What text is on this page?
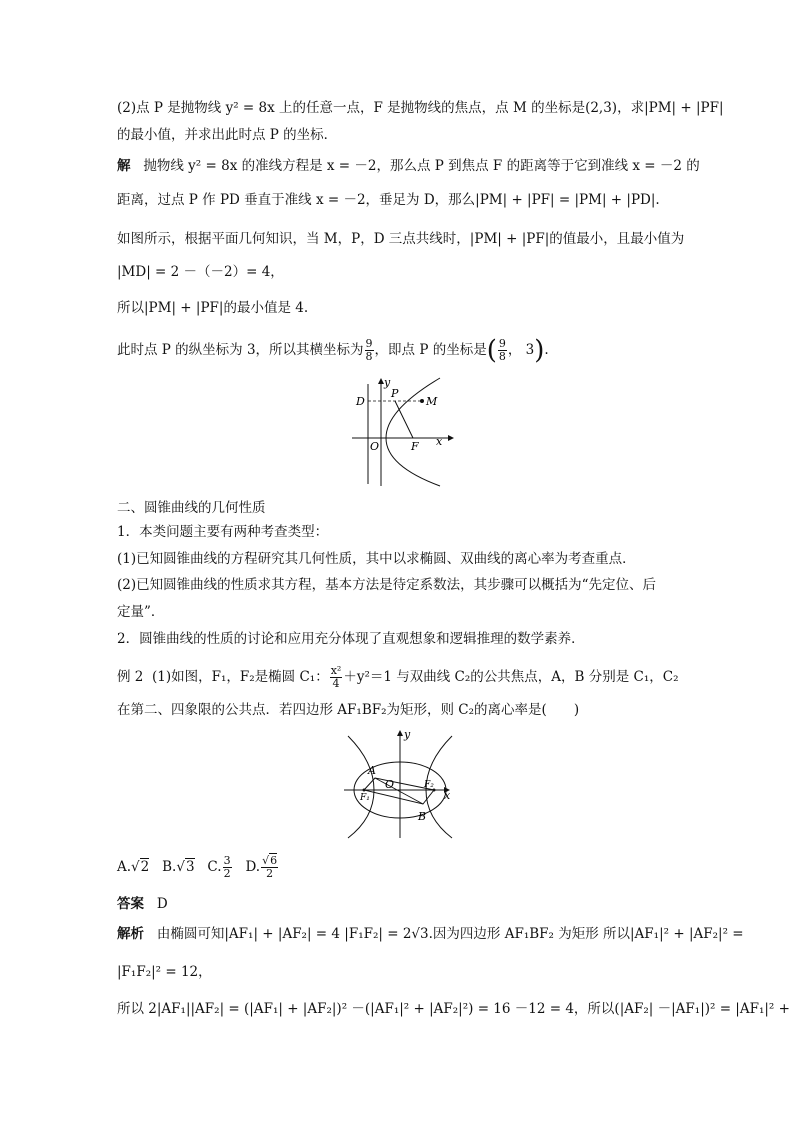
(2)点 P 是抛物线 y² = 8x 上的任意一点，F 是抛物线的焦点，点 M 的坐标是(2,3)，求|PM| + |PF|
的最小值，并求出此时点 P 的坐标．
解 抛物线 y² = 8x 的准线方程是 x = －2，那么点 P 到焦点 F 的距离等于它到准线 x = －2 的
距离，过点 P 作 PD 垂直于准线 x = －2，垂足为 D，那么|PM| + |PF| = |PM| + |PD|.
如图所示，根据平面几何知识，当 M，P，D 三点共线时，|PM| + |PF|的值最小，且最小值为
|MD| = 2 －（－2）= 4，
所以|PM| + |PF|的最小值是 4.
此时点 P 的纵坐标为 3，所以其横坐标为 $\frac{9}{8}$ ，即点 P 的坐标是( $\frac{9}{8}$ ， 3).
D
P
M
O	F x
y
二、圆锥曲线的几何性质
1．本类问题主要有两种考查类型：
(1)已知圆锥曲线的方程研究其几何性质，其中以求椭圆、双曲线的离心率为考查重点．
(2)已知圆锥曲线的性质求其方程，基本方法是待定系数法，其步骤可以概括为“先定位、后
定量”．
2．圆锥曲线的性质的讨论和应用充分体现了直观想象和逻辑推理的数学素养．
例 2 (1)如图，F₁，F₂是椭圆 C₁： $\frac{\text{x²}}{4} +y^2=1$ 与双曲线 C₂的公共焦点，A，B 分别是 C₁，C₂
在第二、四象限的公共点．若四边形 AF₁BF₂为矩形，则 C₂的离心率是(　　)
A
B
O
F₁
F₂
x
y
A.√2 B.√3 C. $\frac{3}{2} D$. $\frac{√6}{2}$
答案 D
解析 由椭圆可知|AF₁| + |AF₂| = 4 |F₁F₂| = 2√3.因为四边形 AF₁BF₂ 为矩形 所以|AF₁|² + |AF₂|² =
|F₁F₂|² = 12，
所以 2|AF₁||AF₂| = (|AF₁| + |AF₂|)² －(|AF₁|² + |AF₂|²) = 16 －12 = 4，所以(|AF₂| －|AF₁|)² = |AF₁|² +
